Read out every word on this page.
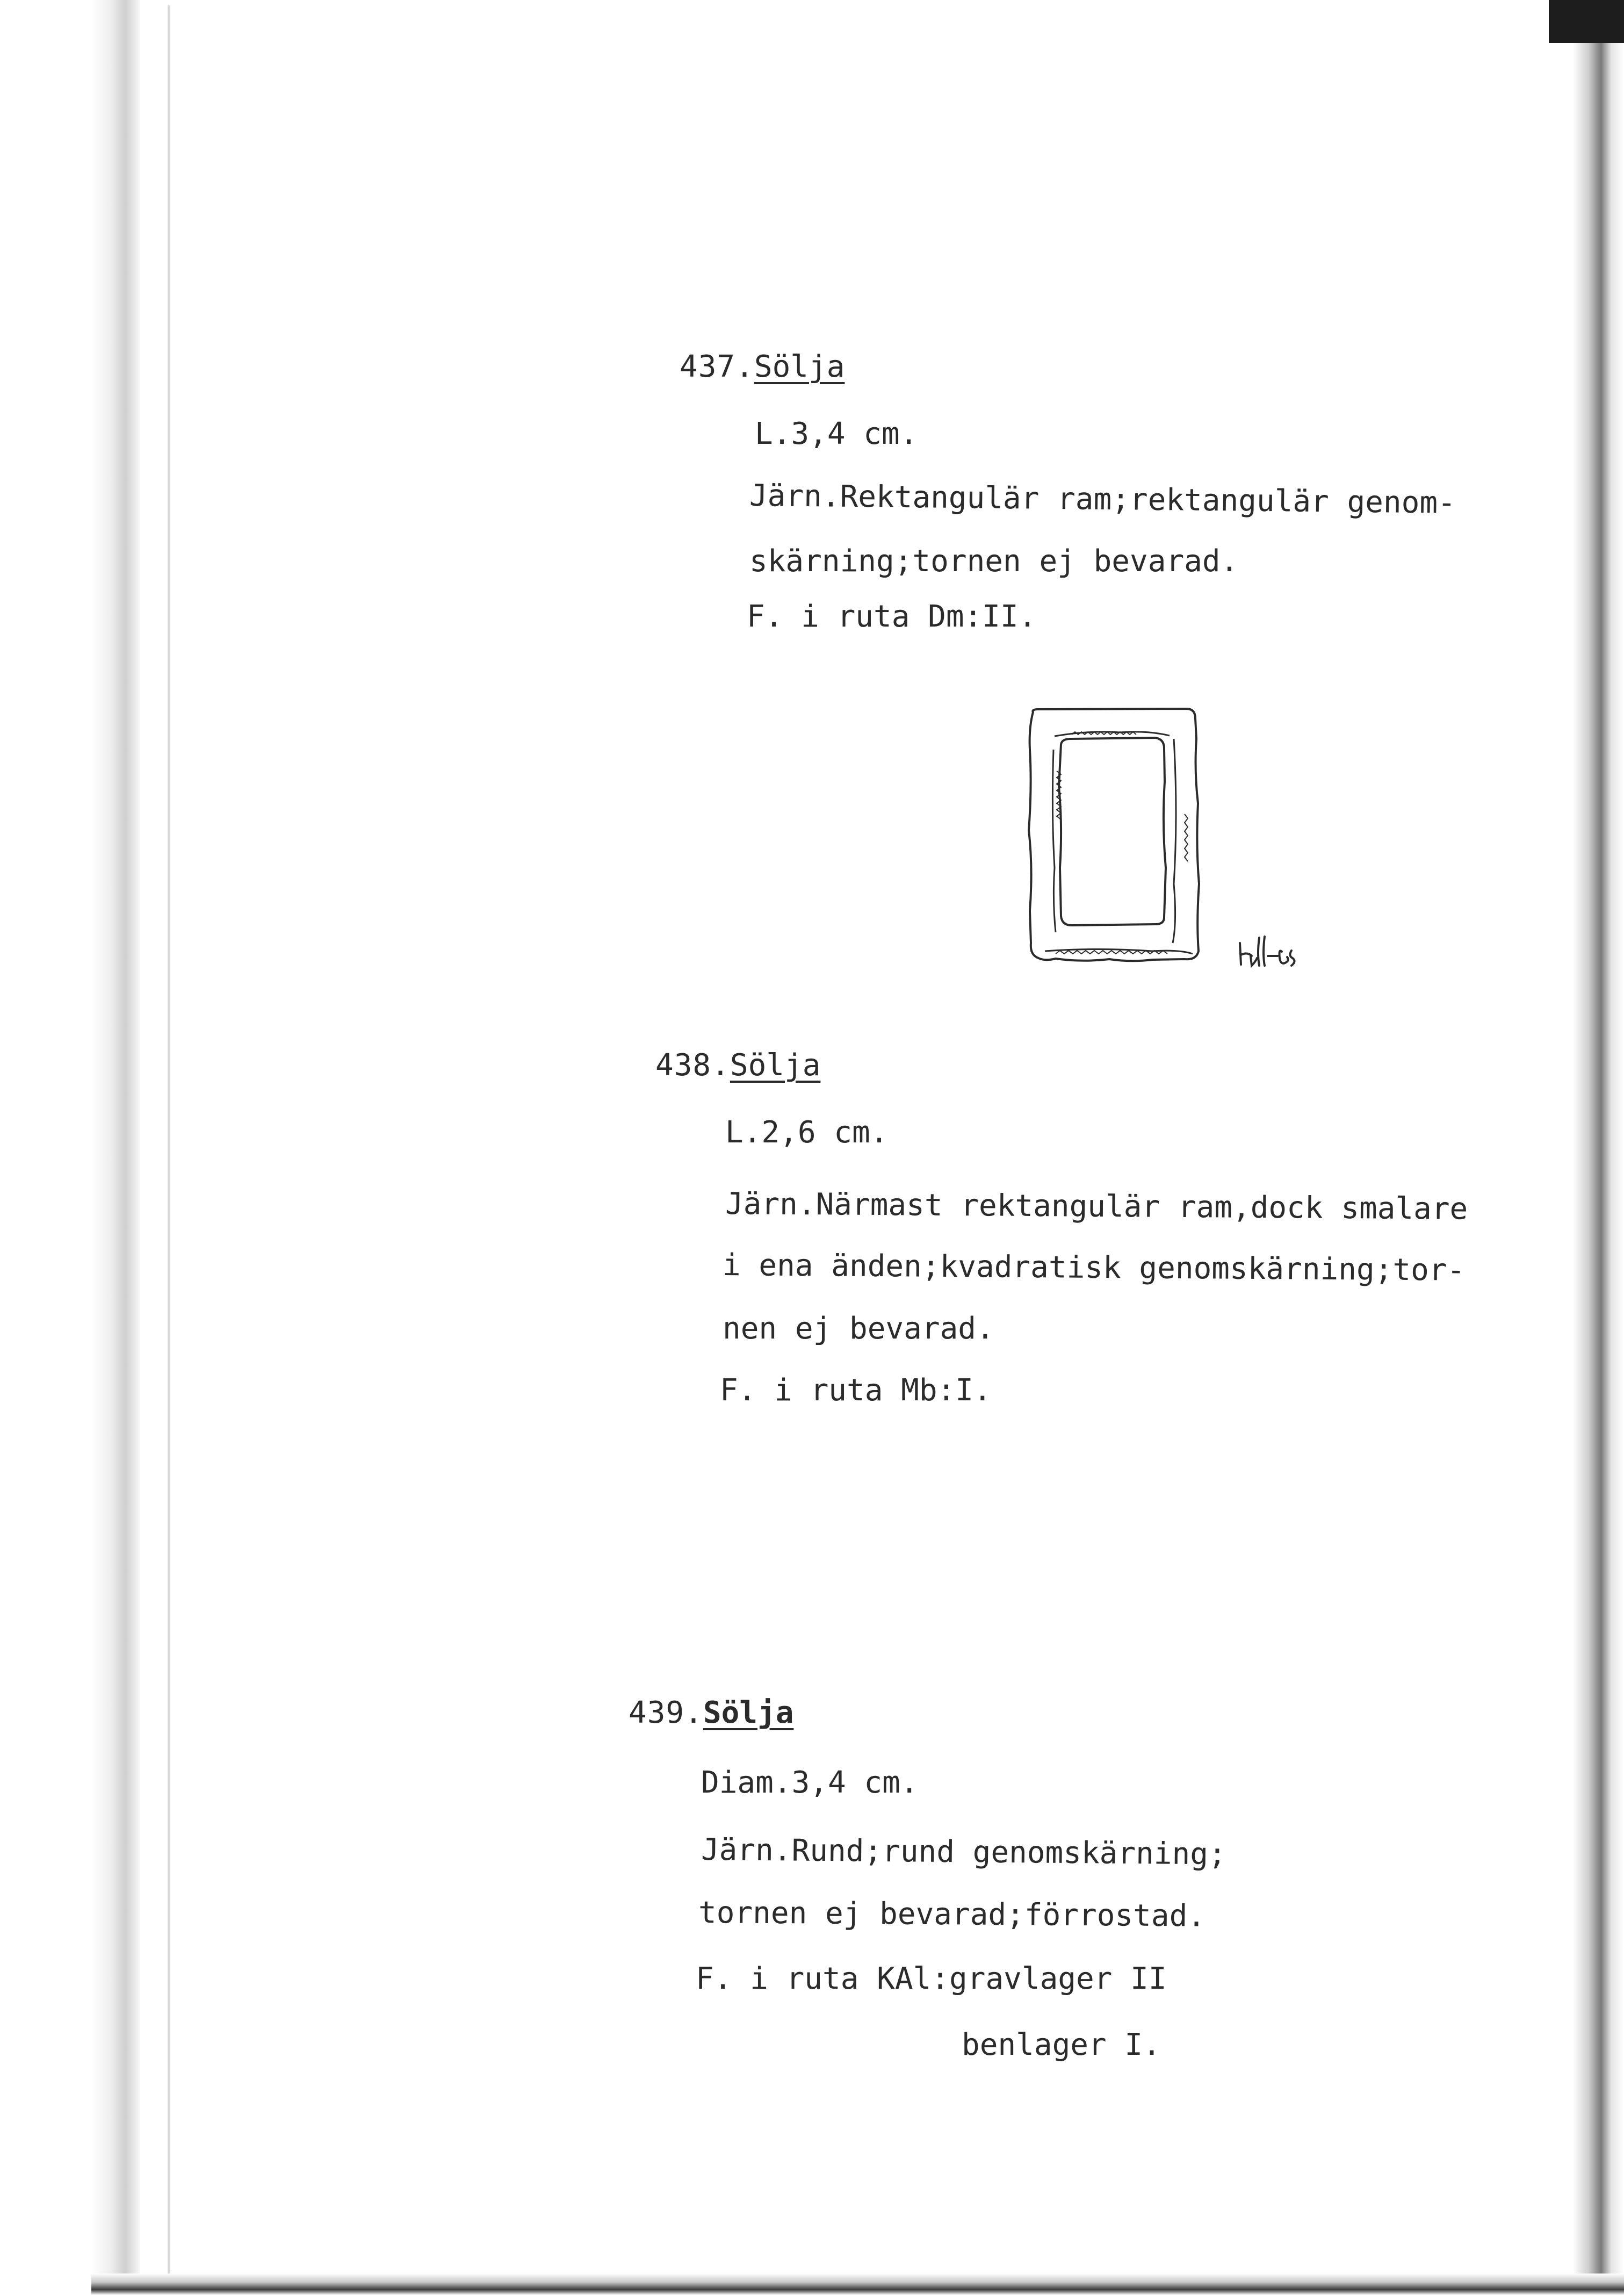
437.Sölja
L.3,4 cm.
Järn.Rektangulär ram;rektangulär genom-
skärning;tornen ej bevarad.
F. i ruta Dm:II.
438.Sölja
L.2,6 cm.
Järn.Närmast rektangulär ram,dock smalare
i ena änden;kvadratisk genomskärning;tor-
nen ej bevarad.
F. i ruta Mb:I.
439.Sölja
Diam.3,4 cm.
Järn.Rund;rund genomskärning;
tornen ej bevarad;förrostad.
F. i ruta KAl:gravlager II
benlager I.
